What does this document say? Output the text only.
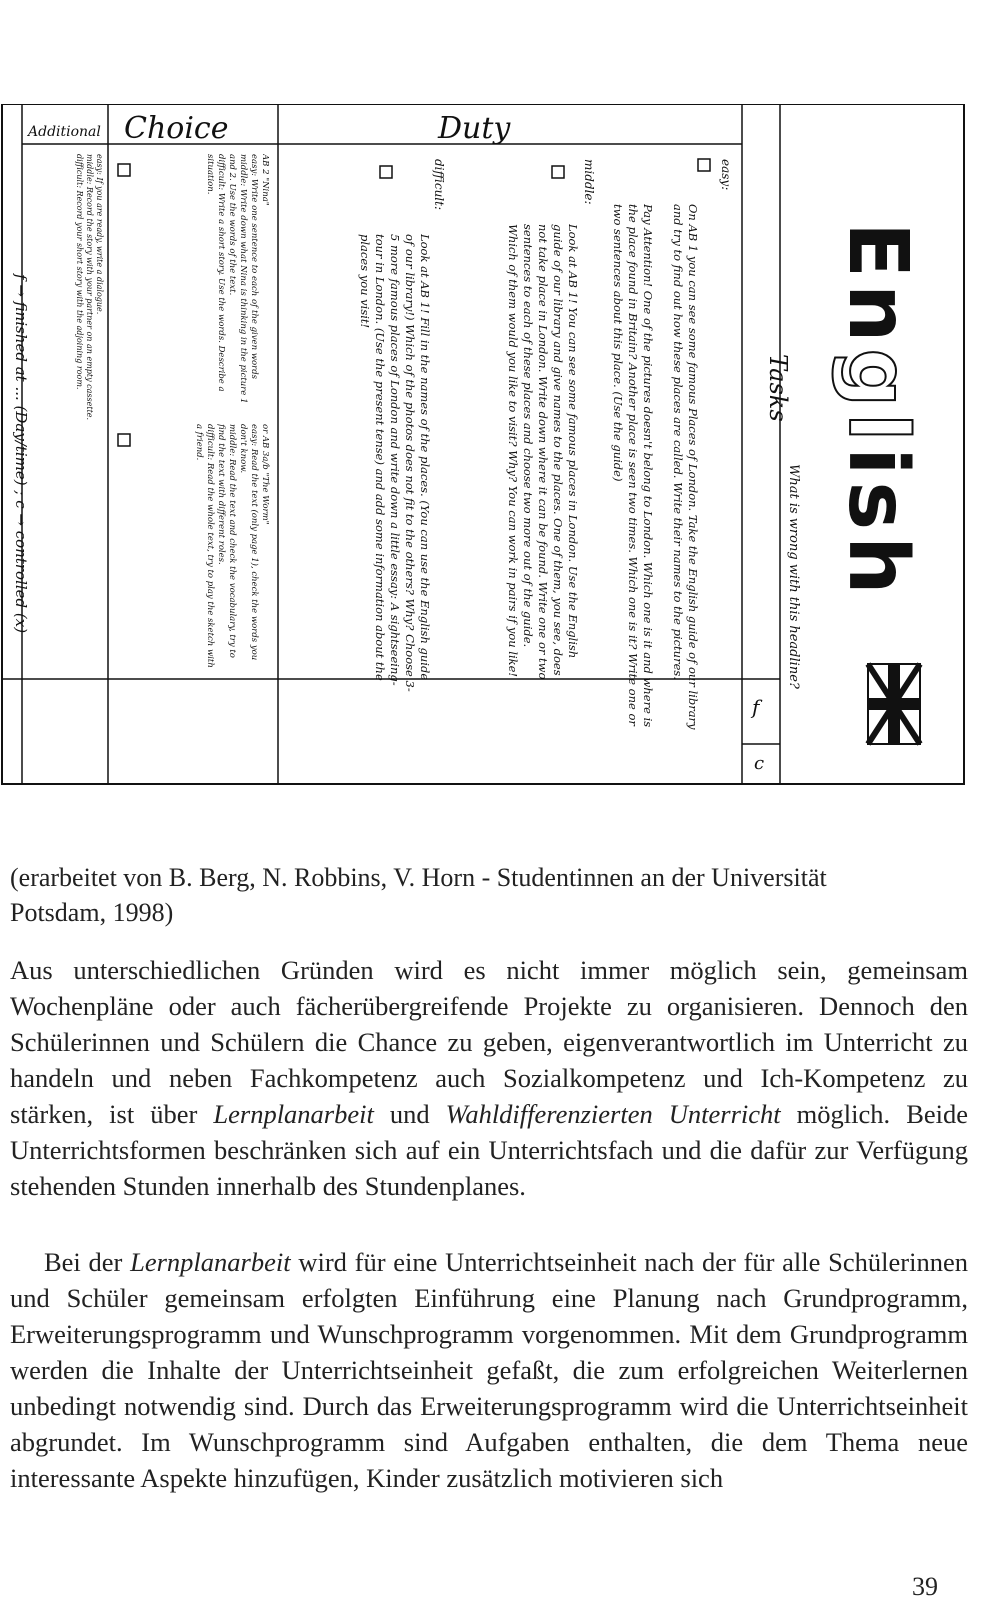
Additional Choice	Duty
Tasks
f
c
English
What is wrong with this headline?
easy:
On AB 1 you can see some famous Places of London. Take the English guide of our library and try to find out how these places are called. Write their names to the pictures.
Pay Attention! One of the pictures doesn't belong to London. Which one is it and where is the place found in Britain? Another place is seen two times. Which one is it? Write one or two sentences about this place. (Use the guide)
middle:
Look at AB 1! You can see some famous places in London. Use the English guide of our library and give names to the places. One of them, you see, does not take place in London. Write down where it can be found. Write one or two sentences to each of these places and choose two more out of the guide. Which of them would you like to visit? Why? You can work in pairs if you like!
difficult:
Look at AB 1! Fill in the names of the places. (You can use the English guide of our library!) Which of the photos does not fit to the others? Why? Choose 3-5 more famous places of London and write down a little essay: A sightseeing-tour in London. (Use the present tense) and add some information about the places you visit!
AB 2 "Nina"
easy: Write one sentence to each of the given words
middle: Write down what Nina is thinking in the picture 1 and 2. Use the words of the text.
difficult: Write a short story. Use the words. Describe a situation.
or AB 3a/b "The Worm"
easy: Read the text (only page 1), check the words you don't know.
middle: Read the text and check the vocabulary, try to find the text with different roles.
difficult: Read the whole text, try to play the sketch with a friend.
easy: If you are ready, write a dialogue.
middle: Record the story with your partner on an empty cassette.
difficult: Record your short story with the adjoining room.
f → finished at ... (Day/time) ; c → controlled (x)
(erarbeitet von B. Berg, N. Robbins, V. Horn - Studentinnen an der Universität
Potsdam, 1998)
Aus unterschiedlichen Gründen wird es nicht immer möglich sein, gemeinsam Wochenpläne oder auch fächerübergreifende Projekte zu organisieren. Dennoch den Schülerinnen und Schülern die Chance zu geben, eigenverantwortlich im Unterricht zu handeln und neben Fachkompetenz auch Sozialkompetenz und Ich-Kompetenz zu stärken, ist über Lernplanarbeit und Wahldifferenzierten Unterricht möglich. Beide Unterrichtsformen beschränken sich auf ein Unterrichtsfach und die dafür zur Verfügung stehenden Stunden innerhalb des Stundenplanes.
Bei der Lernplanarbeit wird für eine Unterrichtseinheit nach der für alle Schülerinnen und Schüler gemeinsam erfolgten Einführung eine Planung nach Grundprogramm, Erweiterungsprogramm und Wunschprogramm vorgenommen. Mit dem Grundprogramm werden die Inhalte der Unterrichtseinheit gefaßt, die zum erfolgreichen Weiterlernen unbedingt notwendig sind. Durch das Erweiterungsprogramm wird die Unterrichtseinheit abgrundet. Im Wunschprogramm sind Aufgaben enthalten, die dem Thema neue interessante Aspekte hinzufügen, Kinder zusätzlich motivieren sich
39
